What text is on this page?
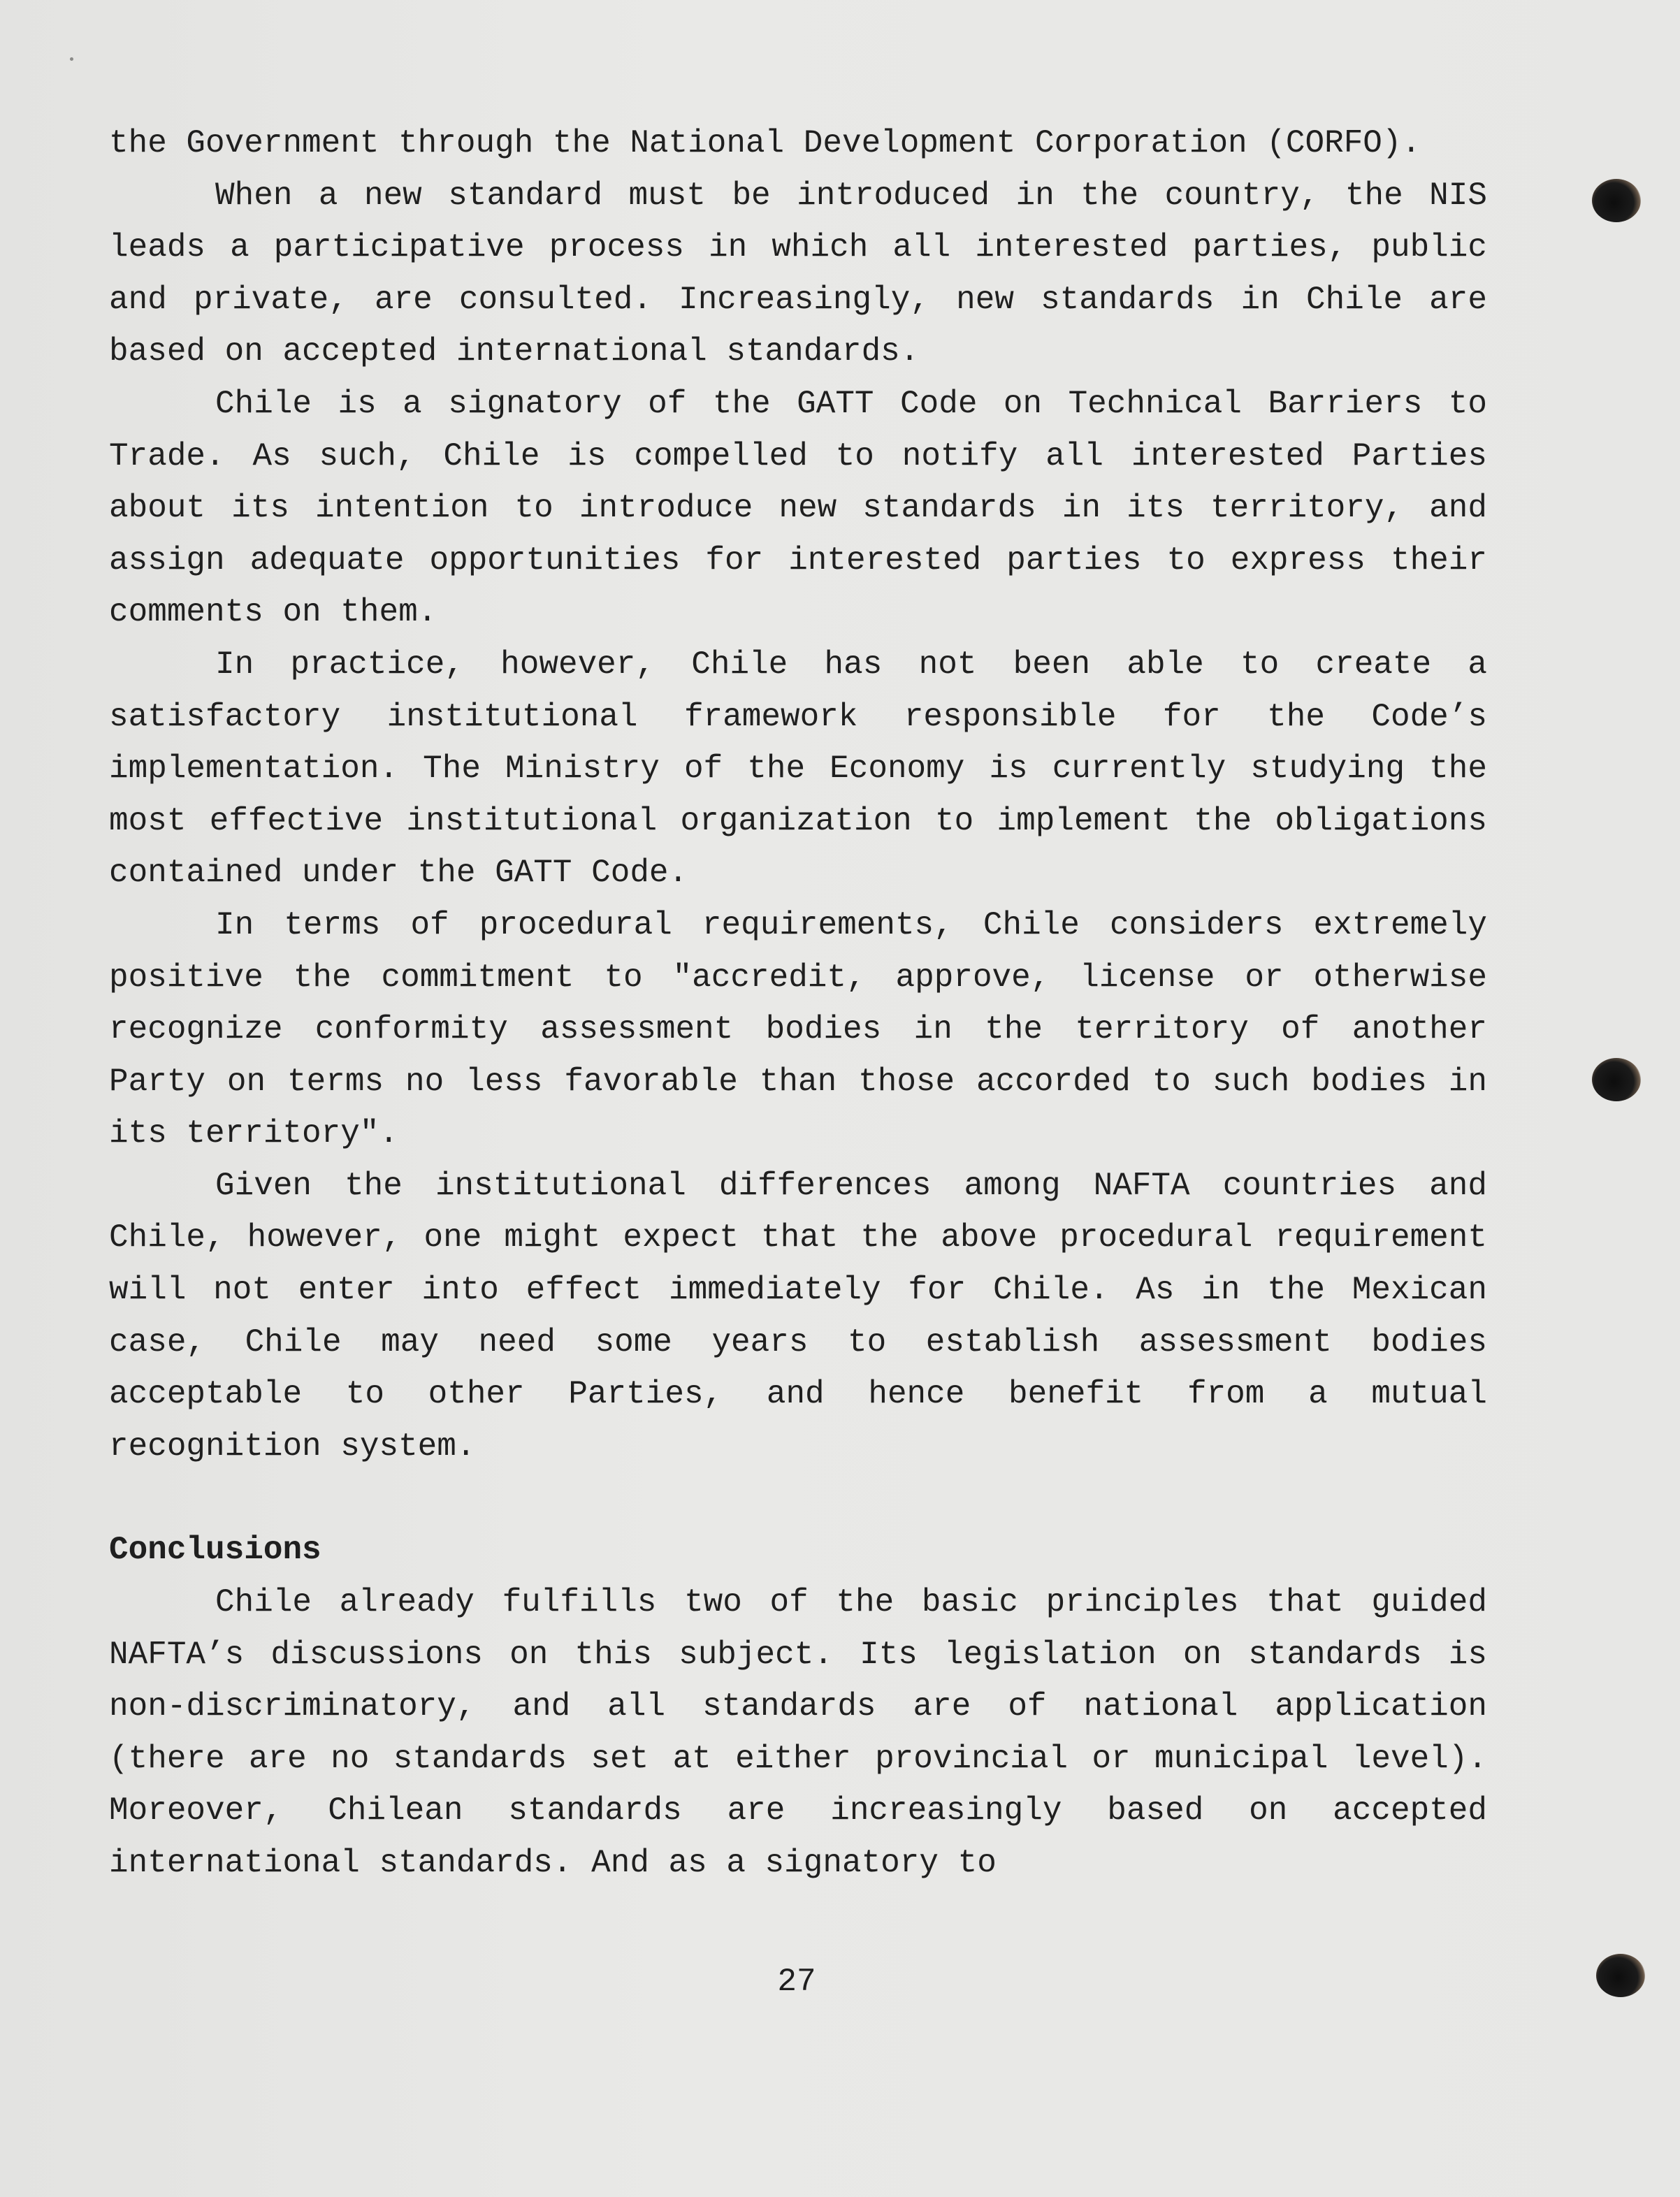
the Government through the National Development Corporation (CORFO).

When a new standard must be introduced in the country, the NIS leads a participative process in which all interested parties, public and private, are consulted. Increasingly, new standards in Chile are based on accepted international standards.

Chile is a signatory of the GATT Code on Technical Barriers to Trade. As such, Chile is compelled to notify all interested Parties about its intention to introduce new standards in its territory, and assign adequate opportunities for interested parties to express their comments on them.

In practice, however, Chile has not been able to create a satisfactory institutional framework responsible for the Code’s implementation. The Ministry of the Economy is currently studying the most effective institutional organization to implement the obligations contained under the GATT Code.

In terms of procedural requirements, Chile considers extremely positive the commitment to "accredit, approve, license or otherwise recognize conformity assessment bodies in the territory of another Party on terms no less favorable than those accorded to such bodies in its territory".

Given the institutional differences among NAFTA countries and Chile, however, one might expect that the above procedural requirement will not enter into effect immediately for Chile. As in the Mexican case, Chile may need some years to establish assessment bodies acceptable to other Parties, and hence benefit from a mutual recognition system.

Conclusions

Chile already fulfills two of the basic principles that guided NAFTA’s discussions on this subject. Its legislation on standards is non-discriminatory, and all standards are of national application (there are no standards set at either provincial or municipal level). Moreover, Chilean standards are increasingly based on accepted international standards. And as a signatory to

27
